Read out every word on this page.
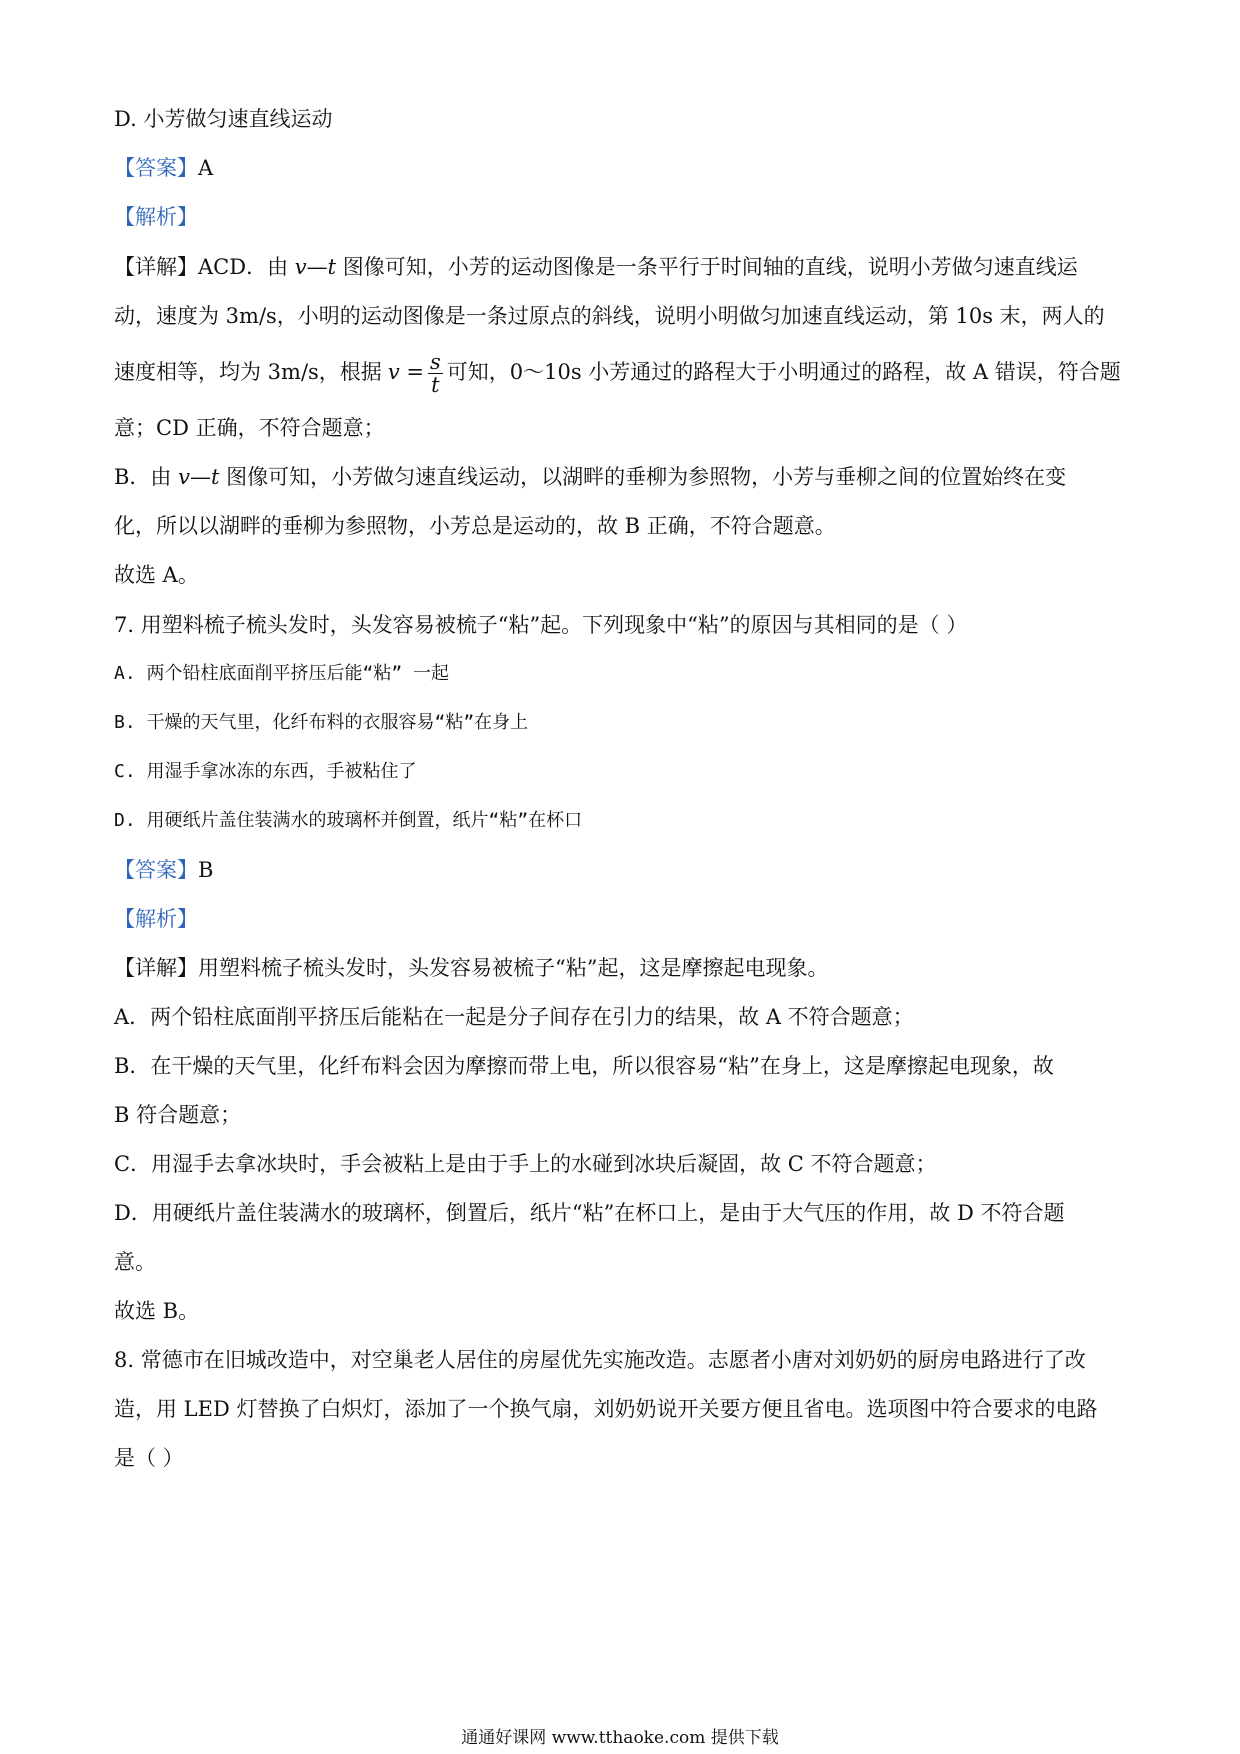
D. 小芳做匀速直线运动
【答案】A
【解析】
【详解】ACD．由 v—t 图像可知，小芳的运动图像是一条平行于时间轴的直线，说明小芳做匀速直线运
动，速度为 3m/s，小明的运动图像是一条过原点的斜线，说明小明做匀加速直线运动，第 10s 末，两人的
速度相等，均为 3m/s，根据 $v = \frac{s}{t}$ 可知，0～10s 小芳通过的路程大于小明通过的路程，故 A 错误，符合题
意；CD 正确，不符合题意；
B．由 v—t 图像可知，小芳做匀速直线运动，以湖畔的垂柳为参照物，小芳与垂柳之间的位置始终在变
化，所以以湖畔的垂柳为参照物，小芳总是运动的，故 B 正确，不符合题意。
故选 A。
7. 用塑料梳子梳头发时，头发容易被梳子“粘”起。下列现象中“粘”的原因与其相同的是（ ）
A. 两个铅柱底面削平挤压后能“粘” 一起
B. 干燥的天气里，化纤布料的衣服容易“粘”在身上
C. 用湿手拿冰冻的东西，手被粘住了
D. 用硬纸片盖住装满水的玻璃杯并倒置，纸片“粘”在杯口
【答案】B
【解析】
【详解】用塑料梳子梳头发时，头发容易被梳子“粘”起，这是摩擦起电现象。
A．两个铅柱底面削平挤压后能粘在一起是分子间存在引力的结果，故 A 不符合题意；
B．在干燥的天气里，化纤布料会因为摩擦而带上电，所以很容易“粘”在身上，这是摩擦起电现象，故
B 符合题意；
C．用湿手去拿冰块时，手会被粘上是由于手上的水碰到冰块后凝固，故 C 不符合题意；
D．用硬纸片盖住装满水的玻璃杯，倒置后，纸片“粘”在杯口上，是由于大气压的作用，故 D 不符合题
意。
故选 B。
8. 常德市在旧城改造中，对空巢老人居住的房屋优先实施改造。志愿者小唐对刘奶奶的厨房电路进行了改
造，用 LED 灯替换了白炽灯，添加了一个换气扇，刘奶奶说开关要方便且省电。选项图中符合要求的电路
是（ ）
通通好课网 www.tthaoke.com 提供下载
